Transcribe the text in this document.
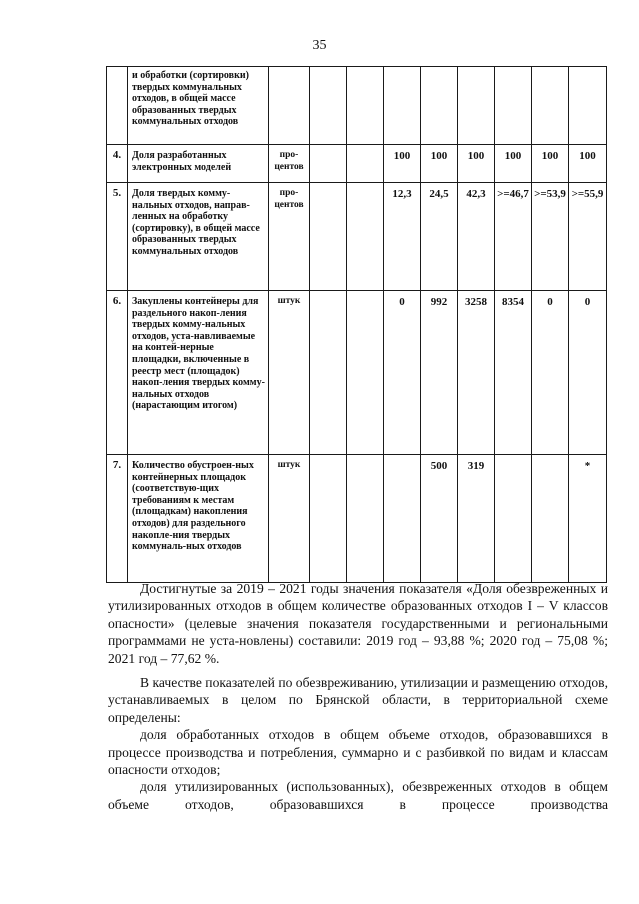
35
	и обработки (сортировки) твердых коммунальных отходов, в общей массе образованных твердых коммунальных отходов									
4.	Доля разработанных электронных моделей	про-центов			100	100	100	100	100	100
5.	Доля твердых комму-нальных отходов, направ-ленных на обработку (сортировку), в общей массе образованных твердых коммунальных отходов	про-центов			12,3	24,5	42,3	>=46,7	>=53,9	>=55,9
6.	Закуплены контейнеры для раздельного накоп-ления твердых комму-нальных отходов, уста-навливаемые на контей-нерные площадки, включенные в реестр мест (площадок) накоп-ления твердых комму-нальных отходов (нарастающим итогом)	штук			0	992	3258	8354	0	0
7.	Количество обустроен-ных контейнерных площадок (соответствую-щих требованиям к местам (площадкам) накопления отходов) для раздельного накопле-ния твердых коммуналь-ных отходов	штук				500	319			*

Достигнутые за 2019 – 2021 годы значения показателя «Доля обезвреженных и утилизированных отходов в общем количестве образованных отходов I – V классов опасности» (целевые значения показателя государственными и региональными программами не уста-новлены) составили: 2019 год – 93,88 %; 2020 год – 75,08 %; 2021 год – 77,62 %.

В качестве показателей по обезвреживанию, утилизации и размещению отходов, устанавливаемых в целом по Брянской области, в территориальной схеме определены:

доля обработанных отходов в общем объеме отходов, образовавшихся в процессе производства и потребления, суммарно и с разбивкой по видам и классам опасности отходов;

доля утилизированных (использованных), обезвреженных отходов в общем объеме отходов, образовавшихся в процессе производства
